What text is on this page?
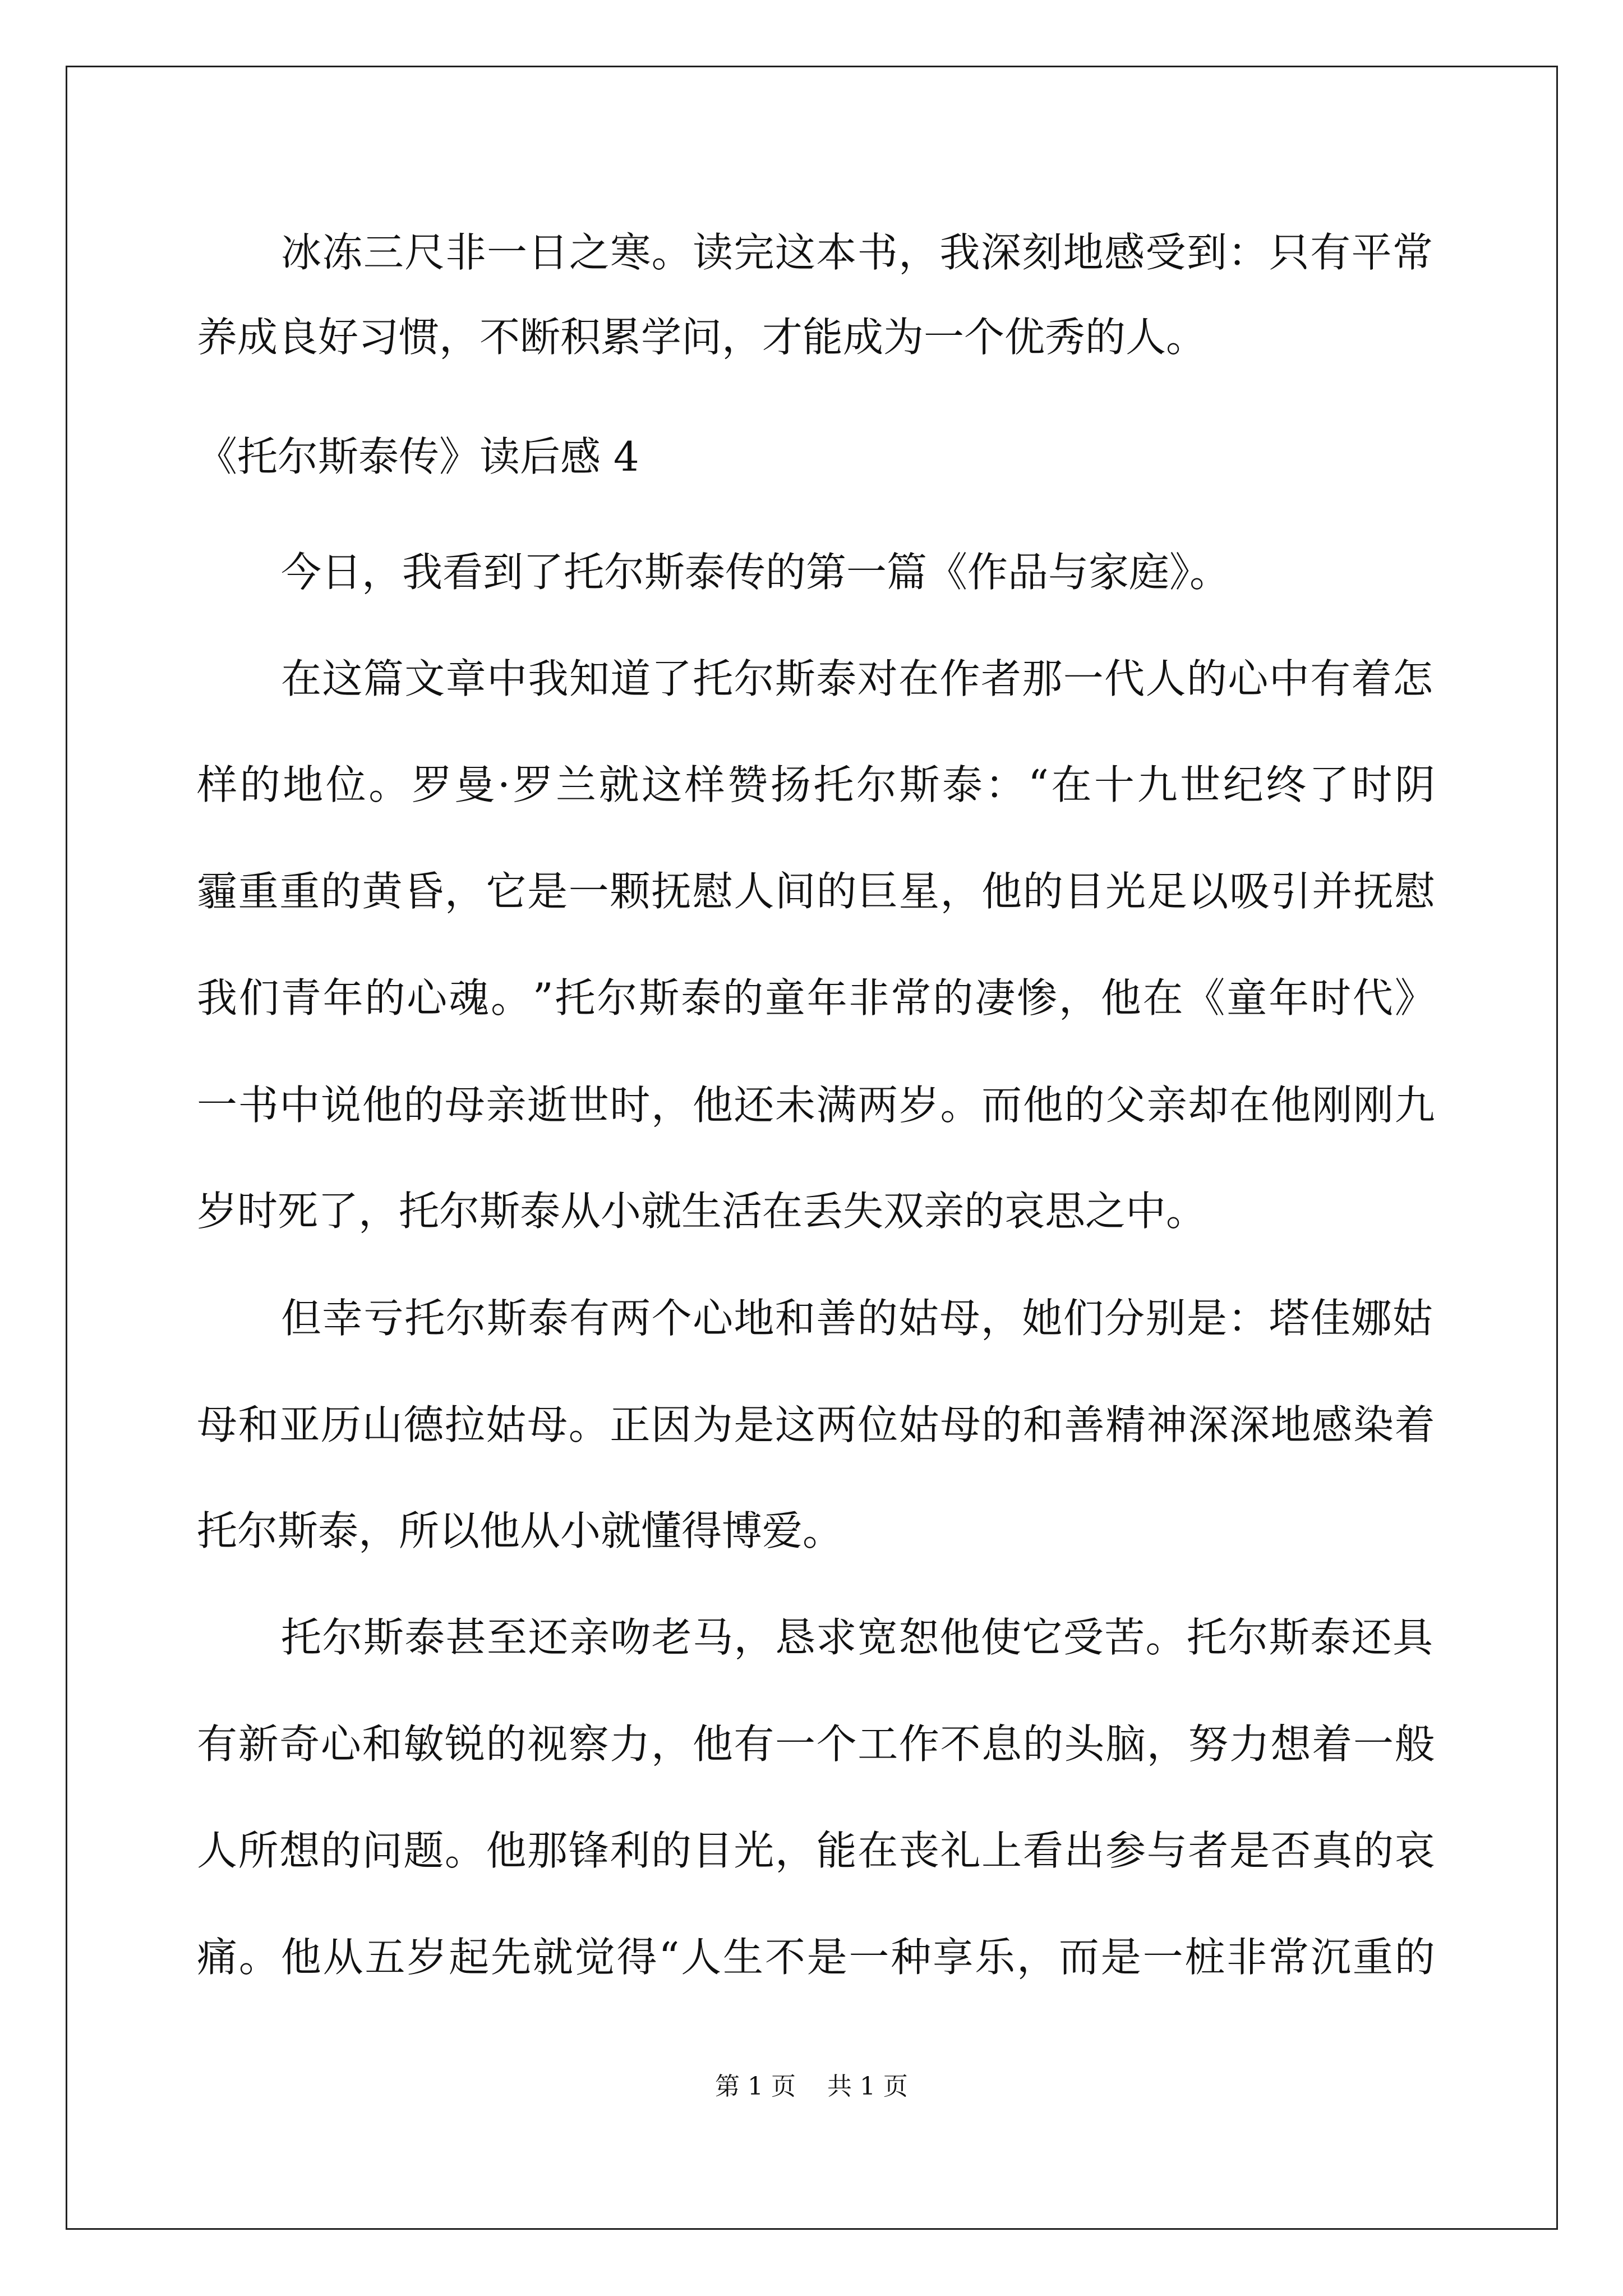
冰 冻 三 尺 非 一 日 之 寒 。 读 完 这 本 书 ， 我 深 刻 地 感 受 到 ： 只 有 平 常
养成良好习惯，不断积累学问，才能成为一个优秀的人。
《托尔斯泰传》读后感 4
今日，我看到了托尔斯泰传的第一篇《作品与家庭》。
在 这 篇 文 章 中 我 知 道 了 托 尔 斯 泰 对 在 作 者 那 一 代 人 的 心 中 有 着 怎
样 的 地 位 。 罗 曼 · 罗 兰 就 这 样 赞 扬 托 尔 斯 泰 ： “ 在 十 九 世 纪 终 了 时 阴
霾 重 重 的 黄 昏 ， 它 是 一 颗 抚 慰 人 间 的 巨 星 ， 他 的 目 光 足 以 吸 引 并 抚 慰
我 们 青 年 的 心 魂 。 ” 托 尔 斯 泰 的 童 年 非 常 的 凄 惨 ， 他 在 《 童 年 时 代 》
一 书 中 说 他 的 母 亲 逝 世 时 ， 他 还 未 满 两 岁 。 而 他 的 父 亲 却 在 他 刚 刚 九
岁时死了，托尔斯泰从小就生活在丢失双亲的哀思之中。
但 幸 亏 托 尔 斯 泰 有 两 个 心 地 和 善 的 姑 母 ， 她 们 分 别 是 ： 塔 佳 娜 姑
母 和 亚 历 山 德 拉 姑 母 。 正 因 为 是 这 两 位 姑 母 的 和 善 精 神 深 深 地 感 染 着
托尔斯泰，所以他从小就懂得博爱。
托 尔 斯 泰 甚 至 还 亲 吻 老 马 ， 恳 求 宽 恕 他 使 它 受 苦 。 托 尔 斯 泰 还 具
有 新 奇 心 和 敏 锐 的 视 察 力 ， 他 有 一 个 工 作 不 息 的 头 脑 ， 努 力 想 着 一 般
人 所 想 的 问 题 。 他 那 锋 利 的 目 光 ， 能 在 丧 礼 上 看 出 参 与 者 是 否 真 的 哀
痛 。 他 从 五 岁 起 先 就 觉 得 “ 人 生 不 是 一 种 享 乐 ， 而 是 一 桩 非 常 沉 重 的
第 1 页    共 1 页
